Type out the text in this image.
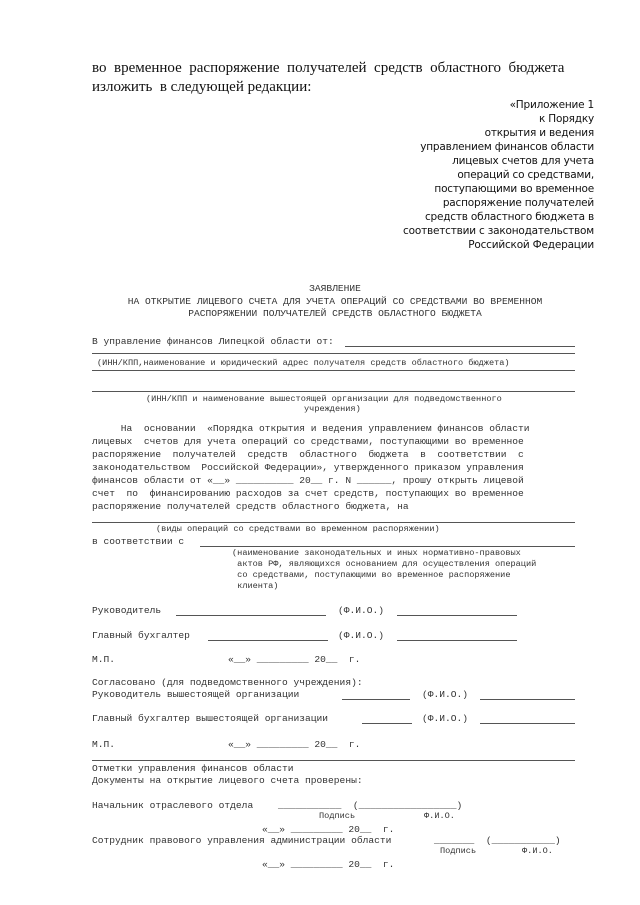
во  временное  распоряжение  получателей  средств  областного  бюджета
изложить  в следующей редакции:
«Приложение 1
к Порядку
открытия и ведения
управлением финансов области
лицевых счетов для учета
операций со средствами,
поступающими во временное
распоряжение получателей
средств областного бюджета в
соответствии с законодательством
Российской Федерации
ЗАЯВЛЕНИЕ
НА ОТКРЫТИЕ ЛИЦЕВОГО СЧЕТА ДЛЯ УЧЕТА ОПЕРАЦИЙ СО СРЕДСТВАМИ ВО ВРЕМЕННОМ
РАСПОРЯЖЕНИИ ПОЛУЧАТЕЛЕЙ СРЕДСТВ ОБЛАСТНОГО БЮДЖЕТА
В управление финансов Липецкой области от:
(ИНН/КПП,наименование и юридический адрес получателя средств областного бюджета)
(ИНН/КПП и наименование вышестоящей организации для подведомственного
учреждения)
На  основании  «Порядка открытия и ведения управлением финансов области
лицевых  счетов для учета операций со средствами, поступающими во временное
распоряжение  получателей  средств  областного  бюджета  в  соответствии  с
законодательством  Российской Федерации», утвержденного приказом управления
финансов области от «__» __________ 20__ г. N ______, прошу открыть лицевой
счет  по  финансированию расходов за счет средств, поступающих во временное
распоряжение получателей средств областного бюджета, на
(виды операций со средствами во временном распоряжении)
в соответствии с
(наименование законодательных и иных нормативно-правовых
актов РФ, являющихся основанием для осуществления операций
со средствами, поступающими во временное распоряжение
клиента)
Руководитель	(Ф.И.О.)
Главный бухгалтер	(Ф.И.О.)
М.П.	«__» _________ 20__  г.
Согласовано (для подведомственного учреждения):
Руководитель вышестоящей организации	(Ф.И.О.)
Главный бухгалтер вышестоящей организации	(Ф.И.О.)
М.П.	«__» _________ 20__  г.
Отметки управления финансов области
Документы на открытие лицевого счета проверены:
Начальник отраслевого отдела	___________  (_________________)
Подпись	Ф.И.О.
«__» _________ 20__  г.
Сотрудник правового управления администрации области	_______  (___________)
Подпись	Ф.И.О.
«__» _________ 20__  г.
